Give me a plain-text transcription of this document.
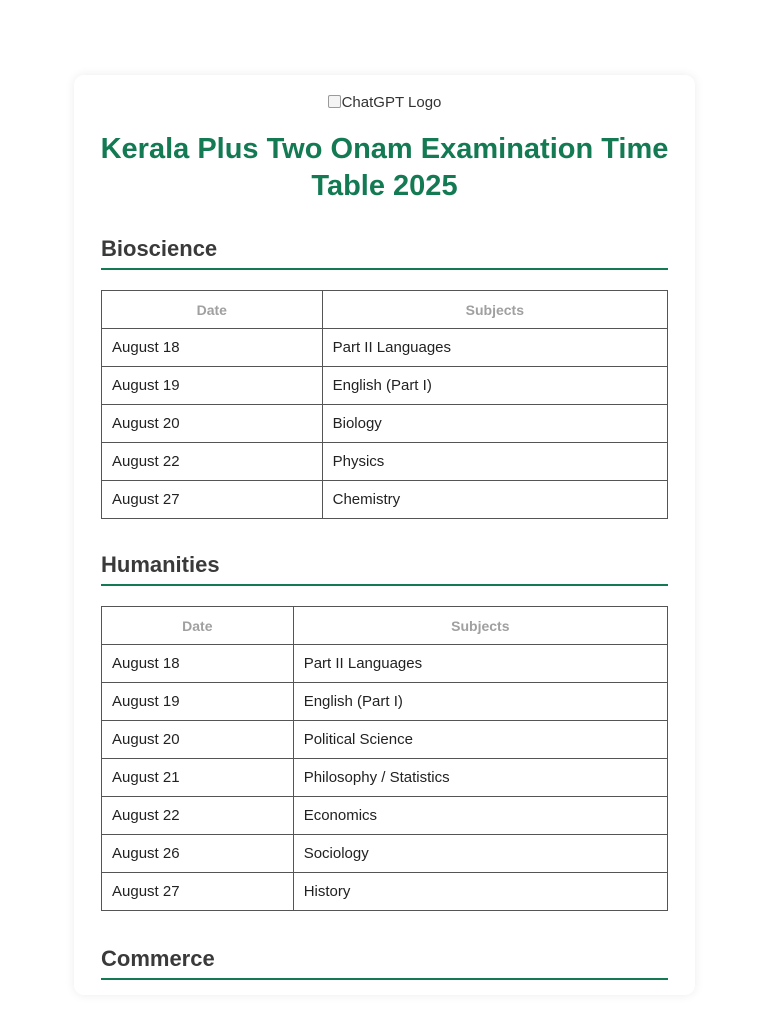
ChatGPT Logo
Kerala Plus Two Onam Examination Time Table 2025
Bioscience
Date	Subjects
August 18	Part II Languages
August 19	English (Part I)
August 20	Biology
August 22	Physics
August 27	Chemistry
Humanities
Date	Subjects
August 18	Part II Languages
August 19	English (Part I)
August 20	Political Science
August 21	Philosophy / Statistics
August 22	Economics
August 26	Sociology
August 27	History
Commerce
